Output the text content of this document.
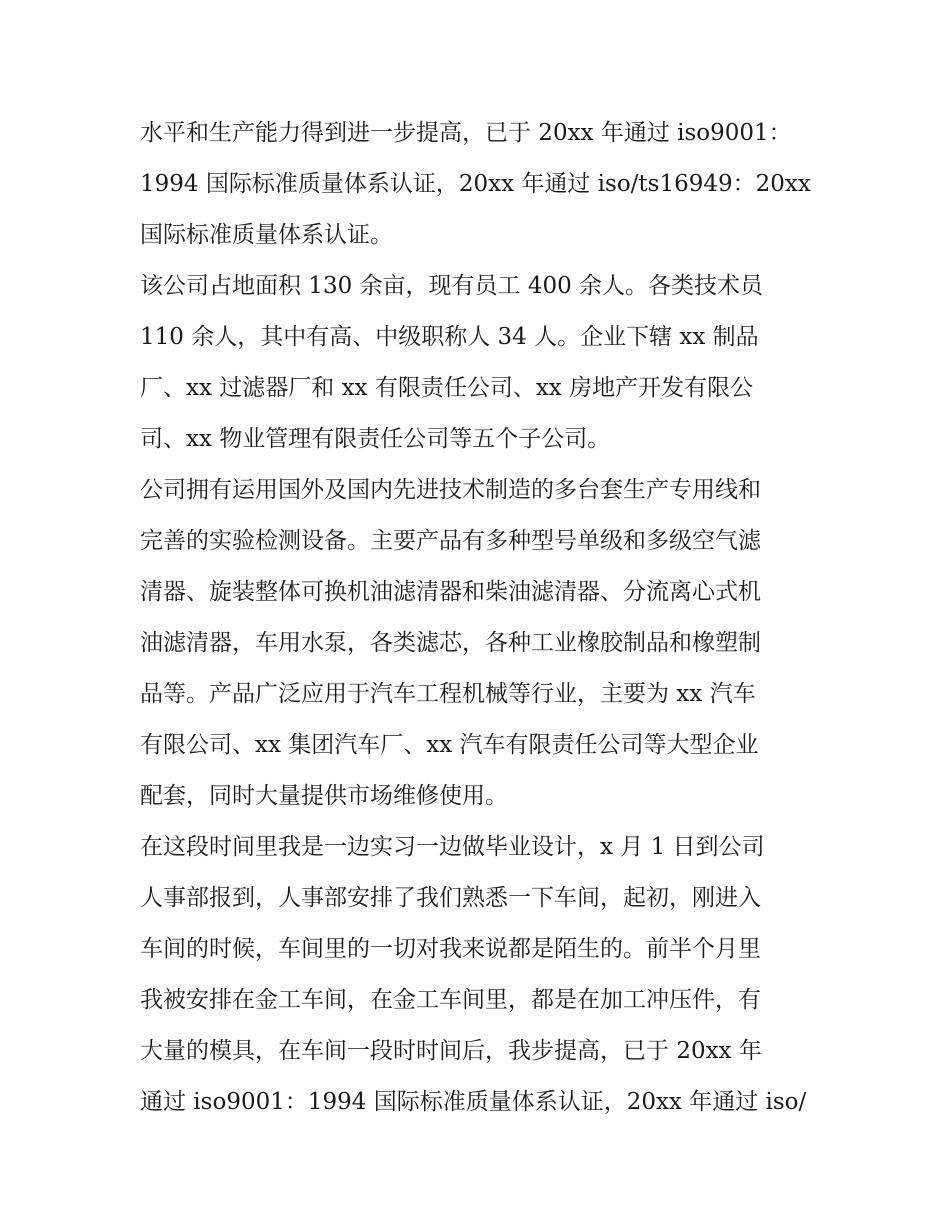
水平和生产能力得到进一步提高，已于 20xx 年通过 iso9001：
1994 国际标准质量体系认证，20xx 年通过 iso/ts16949：20xx
国际标准质量体系认证。
该公司占地面积 130 余亩，现有员工 400 余人。各类技术员
110 余人，其中有高、中级职称人 34 人。企业下辖 xx 制品
厂、xx 过滤器厂和 xx 有限责任公司、xx 房地产开发有限公
司、xx 物业管理有限责任公司等五个子公司。
公司拥有运用国外及国内先进技术制造的多台套生产专用线和
完善的实验检测设备。主要产品有多种型号单级和多级空气滤
清器、旋装整体可换机油滤清器和柴油滤清器、分流离心式机
油滤清器，车用水泵，各类滤芯，各种工业橡胶制品和橡塑制
品等。产品广泛应用于汽车工程机械等行业，主要为 xx 汽车
有限公司、xx 集团汽车厂、xx 汽车有限责任公司等大型企业
配套，同时大量提供市场维修使用。
在这段时间里我是一边实习一边做毕业设计，x 月 1 日到公司
人事部报到，人事部安排了我们熟悉一下车间，起初，刚进入
车间的时候，车间里的一切对我来说都是陌生的。前半个月里
我被安排在金工车间，在金工车间里，都是在加工冲压件，有
大量的模具，在车间一段时时间后，我步提高，已于 20xx 年
通过 iso9001：1994 国际标准质量体系认证，20xx 年通过 iso/
